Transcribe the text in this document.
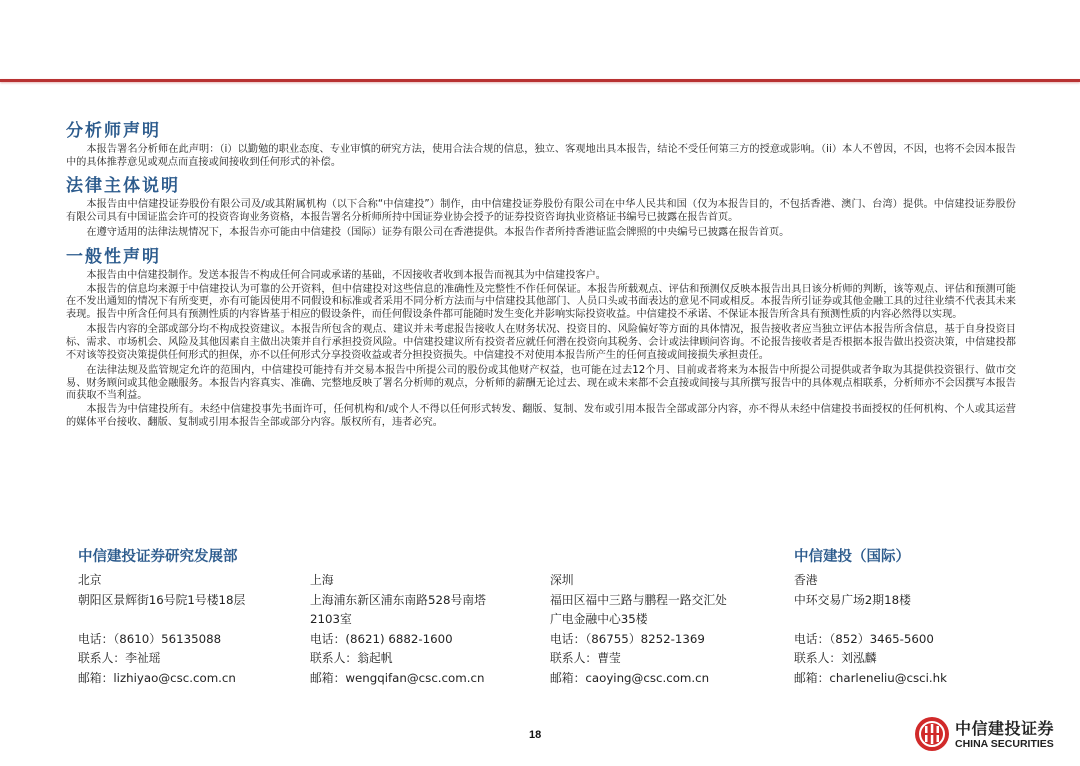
分析师声明

本报告署名分析师在此声明：（i）以勤勉的职业态度、专业审慎的研究方法，使用合法合规的信息，独立、客观地出具本报告，结论不受任何第三方的授意或影响。（ii）本人不曾因，不因，也将不会因本报告中的具体推荐意见或观点而直接或间接收到任何形式的补偿。

法律主体说明

本报告由中信建投证券股份有限公司及/或其附属机构（以下合称“中信建投”）制作，由中信建投证券股份有限公司在中华人民共和国（仅为本报告目的，不包括香港、澳门、台湾）提供。中信建投证券股份有限公司具有中国证监会许可的投资咨询业务资格，本报告署名分析师所持中国证券业协会授予的证券投资咨询执业资格证书编号已披露在报告首页。

在遵守适用的法律法规情况下，本报告亦可能由中信建投（国际）证券有限公司在香港提供。本报告作者所持香港证监会牌照的中央编号已披露在报告首页。

一般性声明

本报告由中信建投制作。发送本报告不构成任何合同或承诺的基础，不因接收者收到本报告而视其为中信建投客户。

本报告的信息均来源于中信建投认为可靠的公开资料，但中信建投对这些信息的准确性及完整性不作任何保证。本报告所载观点、评估和预测仅反映本报告出具日该分析师的判断，该等观点、评估和预测可能在不发出通知的情况下有所变更，亦有可能因使用不同假设和标准或者采用不同分析方法而与中信建投其他部门、人员口头或书面表达的意见不同或相反。本报告所引证券或其他金融工具的过往业绩不代表其未来表现。报告中所含任何具有预测性质的内容皆基于相应的假设条件，而任何假设条件都可能随时发生变化并影响实际投资收益。中信建投不承诺、不保证本报告所含具有预测性质的内容必然得以实现。

本报告内容的全部或部分均不构成投资建议。本报告所包含的观点、建议并未考虑报告接收人在财务状况、投资目的、风险偏好等方面的具体情况，报告接收者应当独立评估本报告所含信息，基于自身投资目标、需求、市场机会、风险及其他因素自主做出决策并自行承担投资风险。中信建投建议所有投资者应就任何潜在投资向其税务、会计或法律顾问咨询。不论报告接收者是否根据本报告做出投资决策，中信建投都不对该等投资决策提供任何形式的担保，亦不以任何形式分享投资收益或者分担投资损失。中信建投不对使用本报告所产生的任何直接或间接损失承担责任。

在法律法规及监管规定允许的范围内，中信建投可能持有并交易本报告中所提公司的股份或其他财产权益，也可能在过去12个月、目前或者将来为本报告中所提公司提供或者争取为其提供投资银行、做市交易、财务顾问或其他金融服务。本报告内容真实、准确、完整地反映了署名分析师的观点，分析师的薪酬无论过去、现在或未来都不会直接或间接与其所撰写报告中的具体观点相联系，分析师亦不会因撰写本报告而获取不当利益。

本报告为中信建投所有。未经中信建投事先书面许可，任何机构和/或个人不得以任何形式转发、翻版、复制、发布或引用本报告全部或部分内容，亦不得从未经中信建投书面授权的任何机构、个人或其运营的媒体平台接收、翻版、复制或引用本报告全部或部分内容。版权所有，违者必究。

中信建投证券研究发展部	中信建投（国际）
北京
朝阳区景辉街16号院1号楼18层
电话：（8610）56135088
联系人：李祉瑶
邮箱：lizhiyao@csc.com.cn
上海
上海浦东新区浦东南路528号南塔
2103室
电话：(8621) 6882-1600
联系人：翁起帆
邮箱：wengqifan@csc.com.cn
深圳
福田区福中三路与鹏程一路交汇处
广电金融中心35楼
电话：（86755）8252-1369
联系人：曹莹
邮箱：caoying@csc.com.cn
香港
中环交易广场2期18楼
电话：（852）3465-5600
联系人：刘泓麟
邮箱：charleneliu@csci.hk
18	中信建投证券
CHINA SECURITIES
